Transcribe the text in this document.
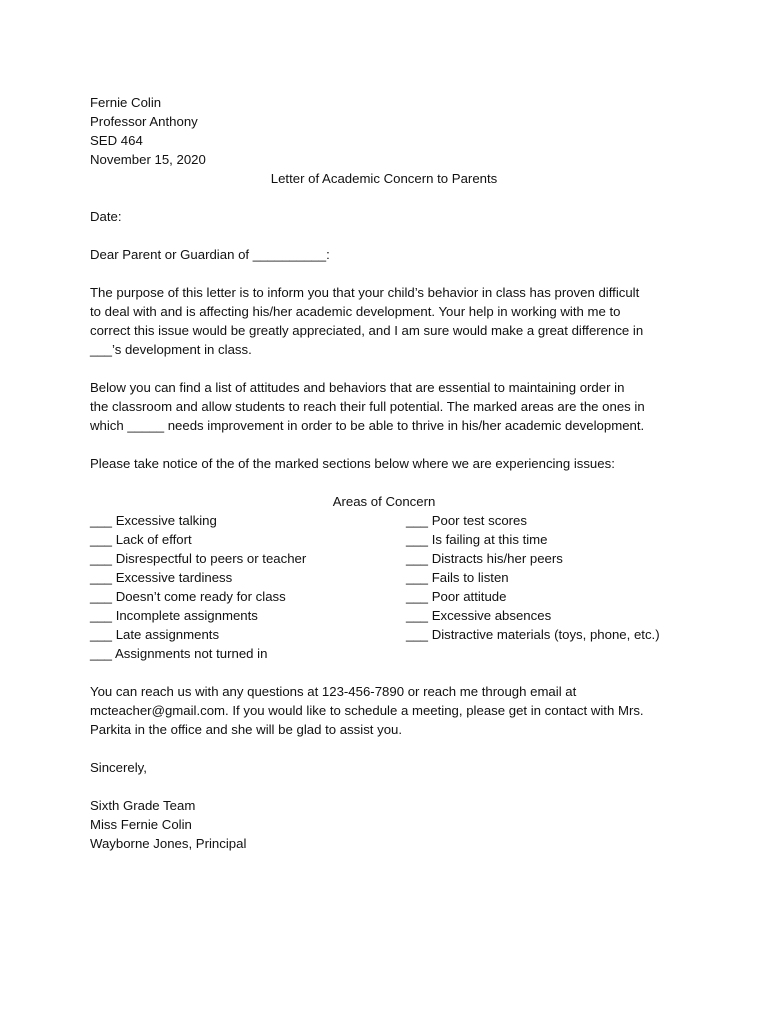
Fernie Colin
Professor Anthony
SED 464
November 15, 2020
Letter of Academic Concern to Parents
Date:
Dear Parent or Guardian of __________:
The purpose of this letter is to inform you that your child’s behavior in class has proven difficult
to deal with and is affecting his/her academic development. Your help in working with me to
correct this issue would be greatly appreciated, and I am sure would make a great difference in
___’s development in class.
Below you can find a list of attitudes and behaviors that are essential to maintaining order in
the classroom and allow students to reach their full potential. The marked areas are the ones in
which _____ needs improvement in order to be able to thrive in his/her academic development.
Please take notice of the of the marked sections below where we are experiencing issues:
Areas of Concern
___ Excessive talking
___ Lack of effort
___ Disrespectful to peers or teacher
___ Excessive tardiness
___ Doesn’t come ready for class
___ Incomplete assignments
___ Late assignments
___ Assignments not turned in
___ Poor test scores
___ Is failing at this time
___ Distracts his/her peers
___ Fails to listen
___ Poor attitude
___ Excessive absences
___ Distractive materials (toys, phone, etc.)
You can reach us with any questions at 123-456-7890 or reach me through email at
mcteacher@gmail.com. If you would like to schedule a meeting, please get in contact with Mrs.
Parkita in the office and she will be glad to assist you.
Sincerely,
Sixth Grade Team
Miss Fernie Colin
Wayborne Jones, Principal
